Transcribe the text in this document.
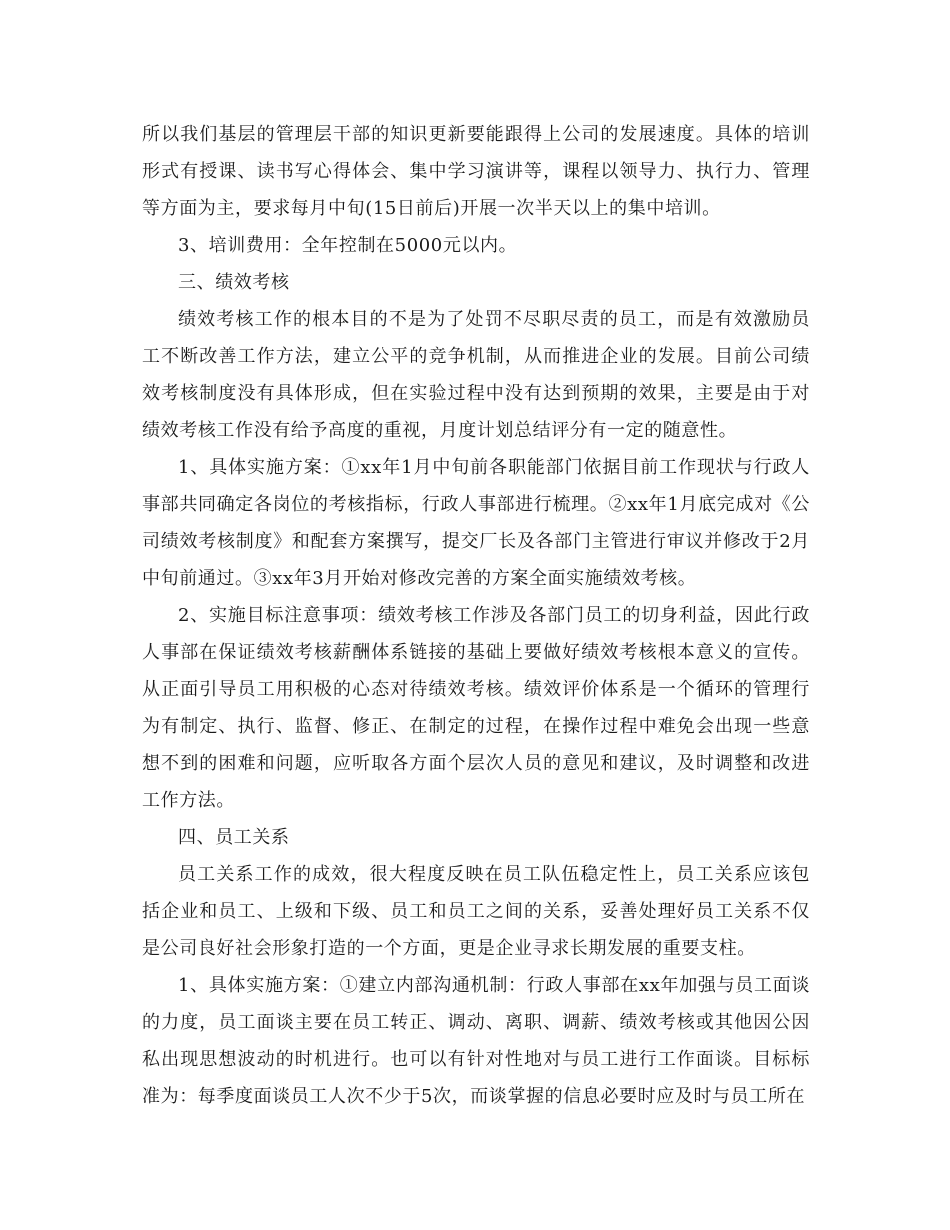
所以我们基层的管理层干部的知识更新要能跟得上公司的发展速度。具体的培训形式有授课、读书写心得体会、集中学习演讲等，课程以领导力、执行力、管理等方面为主，要求每月中旬(15日前后)开展一次半天以上的集中培训。

3、培训费用：全年控制在5000元以内。

三、绩效考核

绩效考核工作的根本目的不是为了处罚不尽职尽责的员工，而是有效激励员工不断改善工作方法，建立公平的竞争机制，从而推进企业的发展。目前公司绩效考核制度没有具体形成，但在实验过程中没有达到预期的效果，主要是由于对绩效考核工作没有给予高度的重视，月度计划总结评分有一定的随意性。

1、具体实施方案：①xx年1月中旬前各职能部门依据目前工作现状与行政人事部共同确定各岗位的考核指标，行政人事部进行梳理。②xx年1月底完成对《公司绩效考核制度》和配套方案撰写，提交厂长及各部门主管进行审议并修改于2月中旬前通过。③xx年3月开始对修改完善的方案全面实施绩效考核。

2、实施目标注意事项：绩效考核工作涉及各部门员工的切身利益，因此行政人事部在保证绩效考核薪酬体系链接的基础上要做好绩效考核根本意义的宣传。从正面引导员工用积极的心态对待绩效考核。绩效评价体系是一个循环的管理行为有制定、执行、监督、修正、在制定的过程，在操作过程中难免会出现一些意想不到的困难和问题，应听取各方面个层次人员的意见和建议，及时调整和改进工作方法。

四、员工关系

员工关系工作的成效，很大程度反映在员工队伍稳定性上，员工关系应该包括企业和员工、上级和下级、员工和员工之间的关系，妥善处理好员工关系不仅是公司良好社会形象打造的一个方面，更是企业寻求长期发展的重要支柱。

1、具体实施方案：①建立内部沟通机制：行政人事部在xx年加强与员工面谈的力度，员工面谈主要在员工转正、调动、离职、调薪、绩效考核或其他因公因私出现思想波动的时机进行。也可以有针对性地对与员工进行工作面谈。目标标准为：每季度面谈员工人次不少于5次，而谈掌握的信息必要时应及时与员工所在
